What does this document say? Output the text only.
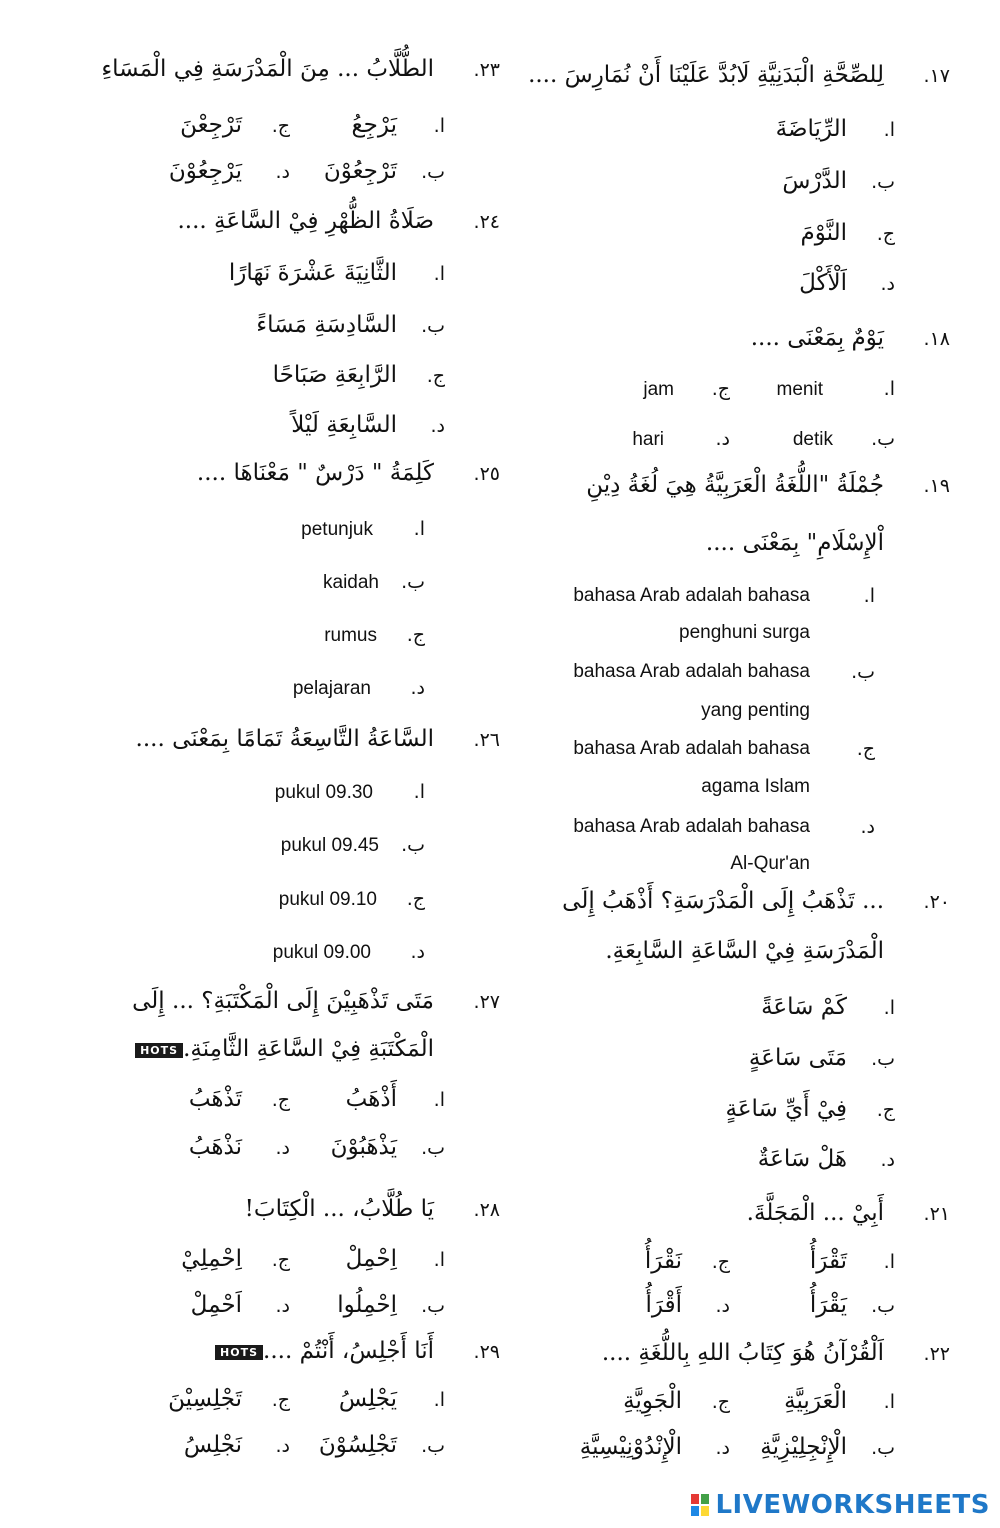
١٧.
لِلصِّحَّةِ الْبَدَنِيَّةِ لَابُدَّ عَلَيْنَا أَنْ نُمَارِسَ ....
ا.
الرِّيَاضَةَ
ب.
الدَّرْسَ
ج.
النَّوْمَ
د.
اَلْأَكْلَ
١٨.
يَوْمٌ بِمَعْنَى ....
ا.
menit
ج.
jam
ب.
detik
د.
hari
١٩.
جُمْلَةُ "اللُّغَةُ الْعَرَبِيَّةُ هِيَ لُغَةُ دِيْنِ
اْلإِسْلَامِ" بِمَعْنَى ....
ا.
bahasa Arab adalah bahasa
penghuni surga
ب.
bahasa Arab adalah bahasa
yang penting
ج.
bahasa Arab adalah bahasa
agama Islam
د.
bahasa Arab adalah bahasa
Al-Qur'an
٢٠.
... تَذْهَبُ إِلَى الْمَدْرَسَةِ؟ أَذْهَبُ إِلَى
الْمَدْرَسَةِ فِيْ السَّاعَةِ السَّابِعَةِ.
ا.
كَمْ سَاعَةً
ب.
مَتَى سَاعَةٍ
ج.
فِيْ أَيِّ سَاعَةٍ
د.
هَلْ سَاعَةٌ
٢١.
أَبِيْ ... الْمَجَلَّةَ.
ا.
تَقْرَأُ
ج.
نَقْرَأُ
ب.
يَقْرَأُ
د.
أَقْرَأُ
٢٢.
اَلْقُرْآنُ هُوَ كِتَابُ اللهِ بِاللُّغَةِ ....
ا.
الْعَرَبِيَّةِ
ج.
الْجَوِيَّةِ
ب.
الْإِنْجِلِيْزِيَّةِ
د.
الْإِنْدُوْنِيْسِيَّةِ
٢٣.
الطُّلَّابُ ... مِنَ الْمَدْرَسَةِ فِي الْمَسَاءِ
ا.
يَرْجِعُ
ج.
تَرْجِعْنَ
ب.
تَرْجِعُوْنَ
د.
يَرْجِعُوْنَ
٢٤.
صَلَاةُ الظُّهْرِ فِيْ السَّاعَةِ ....
ا.
الثَّانِيَةَ عَشْرَةَ نَهَارًا
ب.
السَّادِسَةِ مَسَاءً
ج.
الرَّابِعَةِ صَبَاحًا
د.
السَّابِعَةِ لَيْلاً
٢٥.
كَلِمَةُ " دَرْسٌ " مَعْنَاهَا ....
ا.
petunjuk
ب.
kaidah
ج.
rumus
د.
pelajaran
٢٦.
السَّاعَةُ التَّاسِعَةُ تَمَامًا بِمَعْنَى ....
ا.
pukul 09.30
ب.
pukul 09.45
ج.
pukul 09.10
د.
pukul 09.00
٢٧.
مَتَى تَذْهَبِيْنَ إِلَى الْمَكْتَبَةِ؟ ... إِلَى
الْمَكْتَبَةِ فِيْ السَّاعَةِ الثَّامِنَةِ.HOTS
ا.
أَذْهَبُ
ج.
تَذْهَبُ
ب.
يَذْهَبُوْنَ
د.
نَذْهَبُ
٢٨.
يَا طُلَّابُ، ... الْكِتَابَ!
ا.
اِحْمِلْ
ج.
اِحْمِلِيْ
ب.
اِحْمِلُوا
د.
اَحْمِلْ
٢٩.
أَنَا أَجْلِسُ، أَنْتُمْ ....HOTS
ا.
يَجْلِسُ
ج.
تَجْلِسِيْنَ
ب.
تَجْلِسُوْنَ
د.
نَجْلِسُ
LIVEWORKSHEETS
